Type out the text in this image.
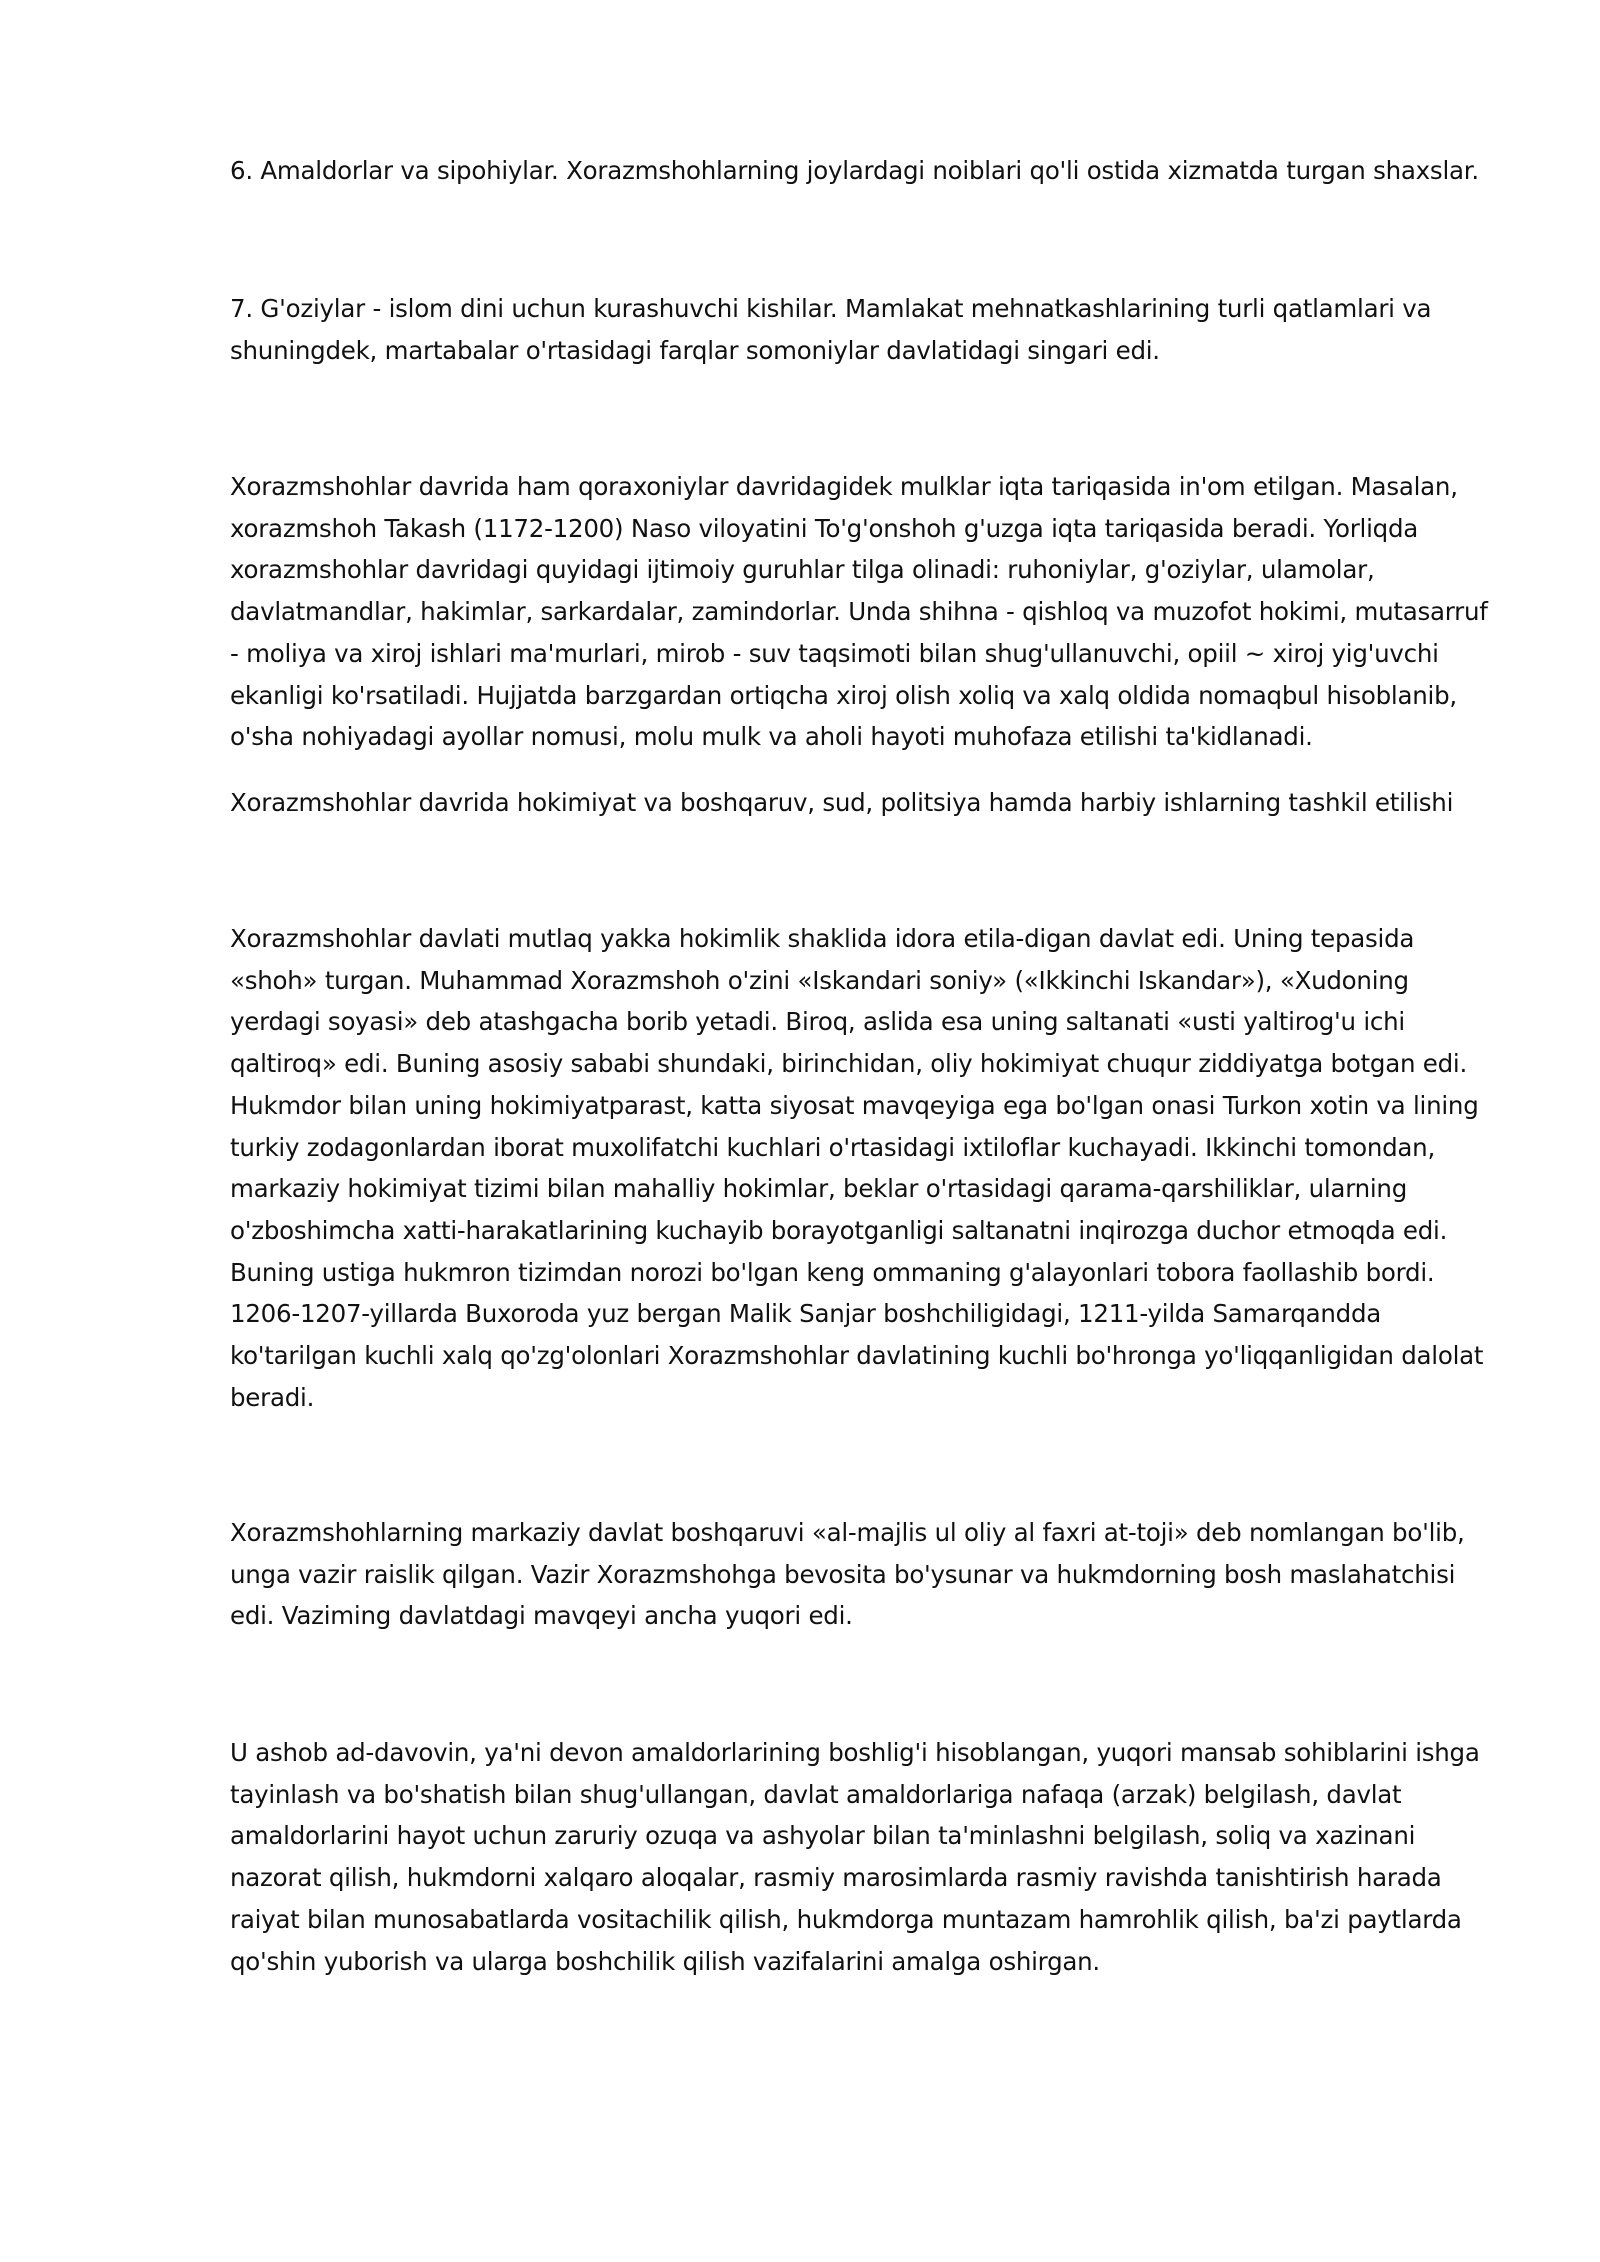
6. Amaldorlar va sipohiylar. Xorazmshohlarning joylardagi noiblari qo'li ostida xizmatda turgan shaxslar.

7. G'oziylar - islom dini uchun kurashuvchi kishilar. Mamlakat mehnatkashlarining turli qatlamlari va shuningdek, martabalar o'rtasidagi farqlar somoniylar davlatidagi singari edi.

Xorazmshohlar davrida ham qoraxoniylar davridagidek mulklar iqta tariqasida in'om etilgan. Masalan, xorazmshoh Takash (1172-1200) Naso viloyatini To'g'onshoh g'uzga iqta tariqasida beradi. Yorliqda xorazmshohlar davridagi quyidagi ijtimoiy guruhlar tilga olinadi: ruhoniylar, g'oziylar, ulamolar, davlatmandlar, hakimlar, sarkardalar, zamindorlar. Unda shihna - qishloq va muzofot hokimi, mutasarruf - moliya va xiroj ishlari ma'murlari, mirob - suv taqsimoti bilan shug'ullanuvchi, opiil ~ xiroj yig'uvchi ekanligi ko'rsatiladi. Hujjatda barzgardan ortiqcha xiroj olish xoliq va xalq oldida nomaqbul hisoblanib, o'sha nohiyadagi ayollar nomusi, molu mulk va aholi hayoti muhofaza etilishi ta'kidlanadi.

Xorazmshohlar davrida hokimiyat va boshqaruv, sud, politsiya hamda harbiy ishlarning tashkil etilishi

Xorazmshohlar davlati mutlaq yakka hokimlik shaklida idora etila-digan davlat edi. Uning tepasida «shoh» turgan. Muhammad Xorazmshoh o'zini «Iskandari soniy» («Ikkinchi Iskandar»), «Xudoning yerdagi soyasi» deb atashgacha borib yetadi. Biroq, aslida esa uning saltanati «usti yaltirog'u ichi qaltiroq» edi. Buning asosiy sababi shundaki, birinchidan, oliy hokimiyat chuqur ziddiyatga botgan edi. Hukmdor bilan uning hokimiyatparast, katta siyosat mavqeyiga ega bo'lgan onasi Turkon xotin va lining turkiy zodagonlardan iborat muxolifatchi kuchlari o'rtasidagi ixtiloflar kuchayadi. Ikkinchi tomondan, markaziy hokimiyat tizimi bilan mahalliy hokimlar, beklar o'rtasidagi qarama-qarshiliklar, ularning o'zboshimcha xatti-harakatlarining kuchayib borayotganligi saltanatni inqirozga duchor etmoqda edi. Buning ustiga hukmron tizimdan norozi bo'lgan keng ommaning g'alayonlari tobora faollashib bordi. 1206-1207-yillarda Buxoroda yuz bergan Malik Sanjar boshchiligidagi, 1211-yilda Samarqandda ko'tarilgan kuchli xalq qo'zg'olonlari Xorazmshohlar davlatining kuchli bo'hronga yo'liqqanligidan dalolat beradi.

Xorazmshohlarning markaziy davlat boshqaruvi «al-majlis ul oliy al faxri at-toji» deb nomlangan bo'lib, unga vazir raislik qilgan. Vazir Xorazmshohga bevosita bo'ysunar va hukmdorning bosh maslahatchisi edi. Vaziming davlatdagi mavqeyi ancha yuqori edi.

U ashob ad-davovin, ya'ni devon amaldorlarining boshlig'i hisoblangan, yuqori mansab sohiblarini ishga tayinlash va bo'shatish bilan shug'ullangan, davlat amaldorlariga nafaqa (arzak) belgilash, davlat amaldorlarini hayot uchun zaruriy ozuqa va ashyolar bilan ta'minlashni belgilash, soliq va xazinani nazorat qilish, hukmdorni xalqaro aloqalar, rasmiy marosimlarda rasmiy ravishda tanishtirish harada raiyat bilan munosabatlarda vositachilik qilish, hukmdorga muntazam hamrohlik qilish, ba'zi paytlarda qo'shin yuborish va ularga boshchilik qilish vazifalarini amalga oshirgan.
